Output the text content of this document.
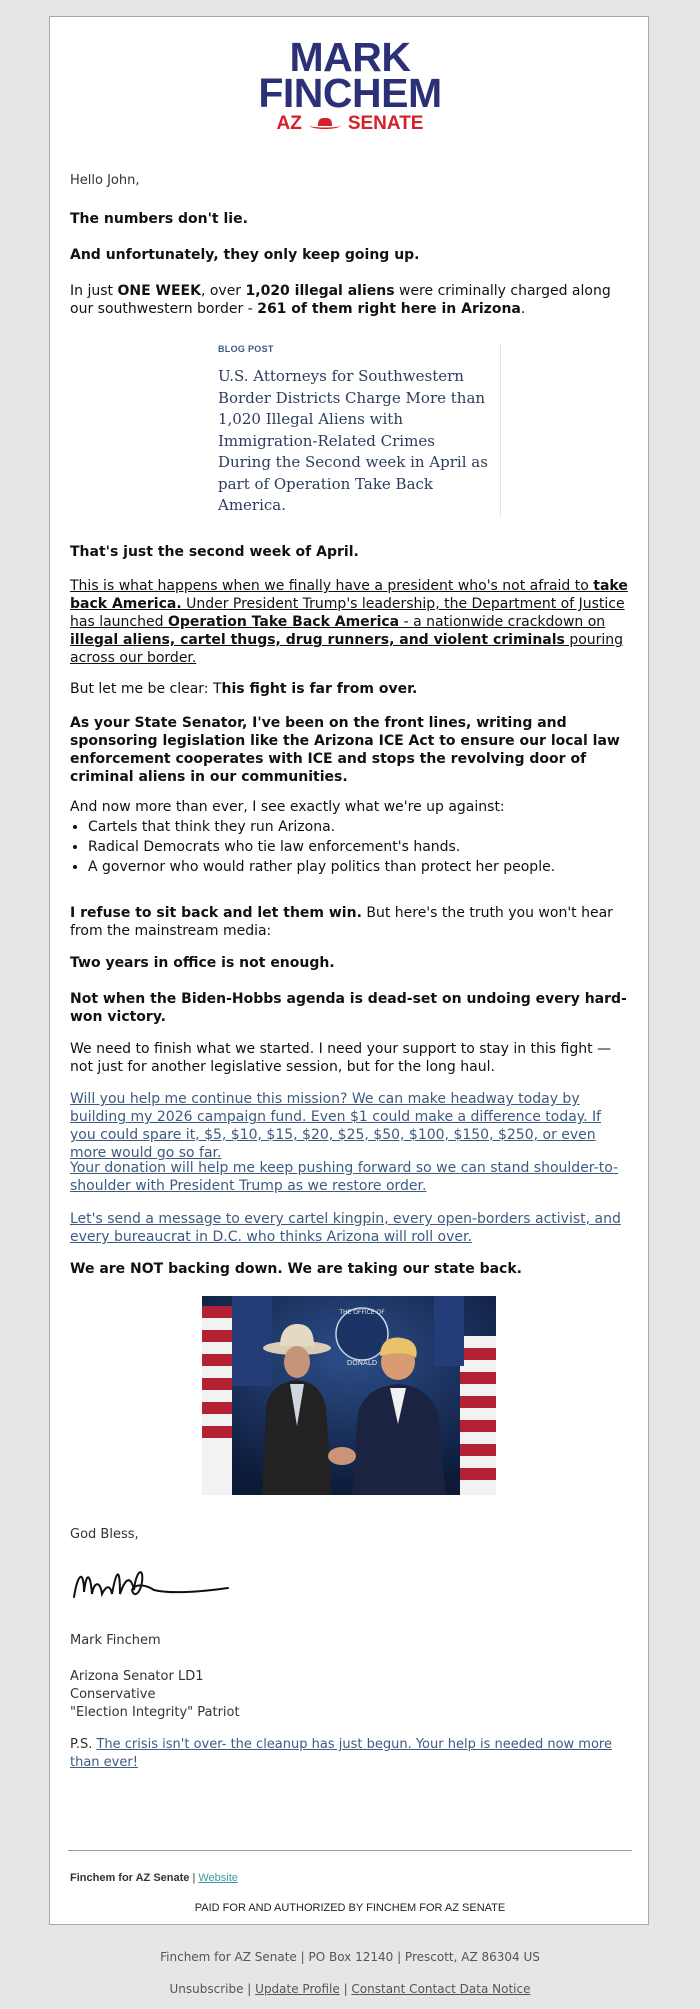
MARK
FINCHEM
AZ SENATE
Hello John,
The numbers don't lie.
And unfortunately, they only keep going up.

In just ONE WEEK, over 1,020 illegal aliens were criminally charged along our southwestern border - 261 of them right here in Arizona.

BLOG POST
U.S. Attorneys for Southwestern Border Districts Charge More than 1,020 Illegal Aliens with Immigration-Related Crimes During the Second week in April as part of Operation Take Back America.
That's just the second week of April.

This is what happens when we finally have a president who's not afraid to take back America. Under President Trump's leadership, the Department of Justice has launched Operation Take Back America - a nationwide crackdown on illegal aliens, cartel thugs, drug runners, and violent criminals pouring across our border.

But let me be clear: This fight is far from over.

As your State Senator, I've been on the front lines, writing and sponsoring legislation like the Arizona ICE Act to ensure our local law enforcement cooperates with ICE and stops the revolving door of criminal aliens in our communities.
And now more than ever, I see exactly what we're up against:
• Cartels that think they run Arizona.
• Radical Democrats who tie law enforcement's hands.
• A governor who would rather play politics than protect her people.

I refuse to sit back and let them win. But here's the truth you won't hear from the mainstream media:

Two years in office is not enough.
Not when the Biden-Hobbs agenda is dead-set on undoing every hard-won victory.
We need to finish what we started. I need your support to stay in this fight — not just for another legislative session, but for the long haul.
Will you help me continue this mission? We can make headway today by building my 2026 campaign fund. Even $1 could make a difference today. If you could spare it, $5, $10, $15, $20, $25, $50, $100, $150, $250, or even more would go so far.
Your donation will help me keep pushing forward so we can stand shoulder-to-shoulder with President Trump as we restore order.
Let's send a message to every cartel kingpin, every open-borders activist, and every bureaucrat in D.C. who thinks Arizona will roll over.
We are NOT backing down. We are taking our state back.
THE OFFICE OF
DONALD
God Bless,
Mark Finchem
Arizona Senator LD1
Conservative
"Election Integrity" Patriot
P.S. The crisis isn't over- the cleanup has just begun. Your help is needed now more than ever!
Finchem for AZ Senate | Website
PAID FOR AND AUTHORIZED BY FINCHEM FOR AZ SENATE
Finchem for AZ Senate | PO Box 12140 | Prescott, AZ 86304 US
Unsubscribe | Update Profile | Constant Contact Data Notice
